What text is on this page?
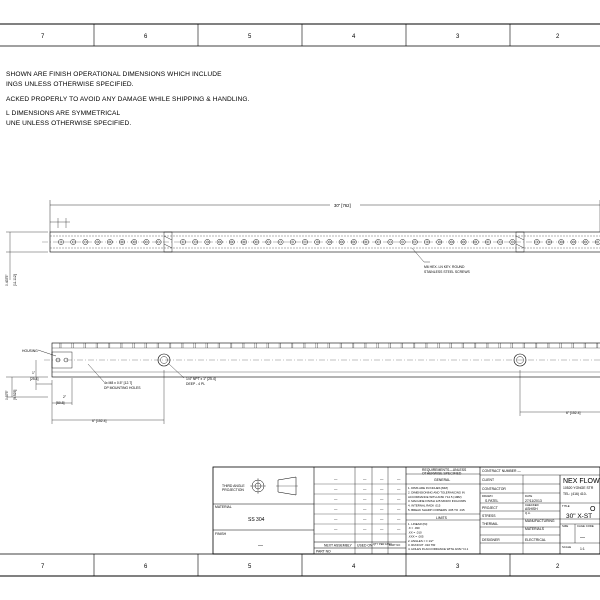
7	6	5	4	3	2
7	6	5	4	3	2
SHOWN ARE FINISH OPERATIONAL DIMENSIONS WHICH INCLUDE
INGS UNLESS OTHERWISE SPECIFIED.
ACKED PROPERLY TO AVOID ANY DAMAGE WHILE SHIPPING & HANDLING.
L DIMENSIONS ARE SYMMETRICAL
UNE UNLESS OTHERWISE SPECIFIED.
30" [762]
0.4375" [11.112]
M6 HEX. LN KEY. ROUND
STAINLESS STEEL SCREWS
HOUSING
1"
[25.4]
0.375" [9.525]	2"
[50.8]
6" [152.4]
4x M8 x 0.5" [12.7]
DP MOUNTING HOLES
1/4" NPT x 1" [25.4]
DEEP - 4 PL
6" [152.4]
—	—	—	—
—	—	—	—
—	—	—	—
—	—	—	—
—	—	—	—
—	—	—	—
THIRD ANGLE
PROJECTION
MATERIAL
SS 304
FINISH
—	NEXT ASSEMBLY USED ON QTY PER ASSY
PART NO
PART NO
REQUIREMENTS—UNLESS
OTHERWISE SPECIFIED
GENERAL
1. DIMS ARE IN INCHES [MM]
2. DIMENSIONING AND TOLERANCING IN
ACCORDANCE WITH ANSI Y14.5 (1982)
3. MACHINE FINISH 125 MICRO INCH RMS
4. INTERNAL RADII .015
5. BREAK SHARP CORNERS .005 TO .015
LIMITS
1. LINEAR (IN):
.X = .030
.XX = .010
.XXX = .005
2. ANGLES = ± 1/2°
3. RUNOUT .010 TIR
4. HOLES IN ACCORDANCE WITH ANSI Y4.1
CONTRACT NUMBER —
CLIENT
CONTRACTOR
DRAWN
S.PATEL
DATE
27/11/2013
CHECKED
ASHISH
Q.A.
PROJECT
STRESS
MANUFACTURING
THERMAL
MATERIALS
DESIGNER	ELECTRICAL
NEX FLOW
10520 YONGE STR
TEL: (416) 410-
O
TITLE
30" X-ST
SIZE	CAGE CODE
—
SCALE	1:1
